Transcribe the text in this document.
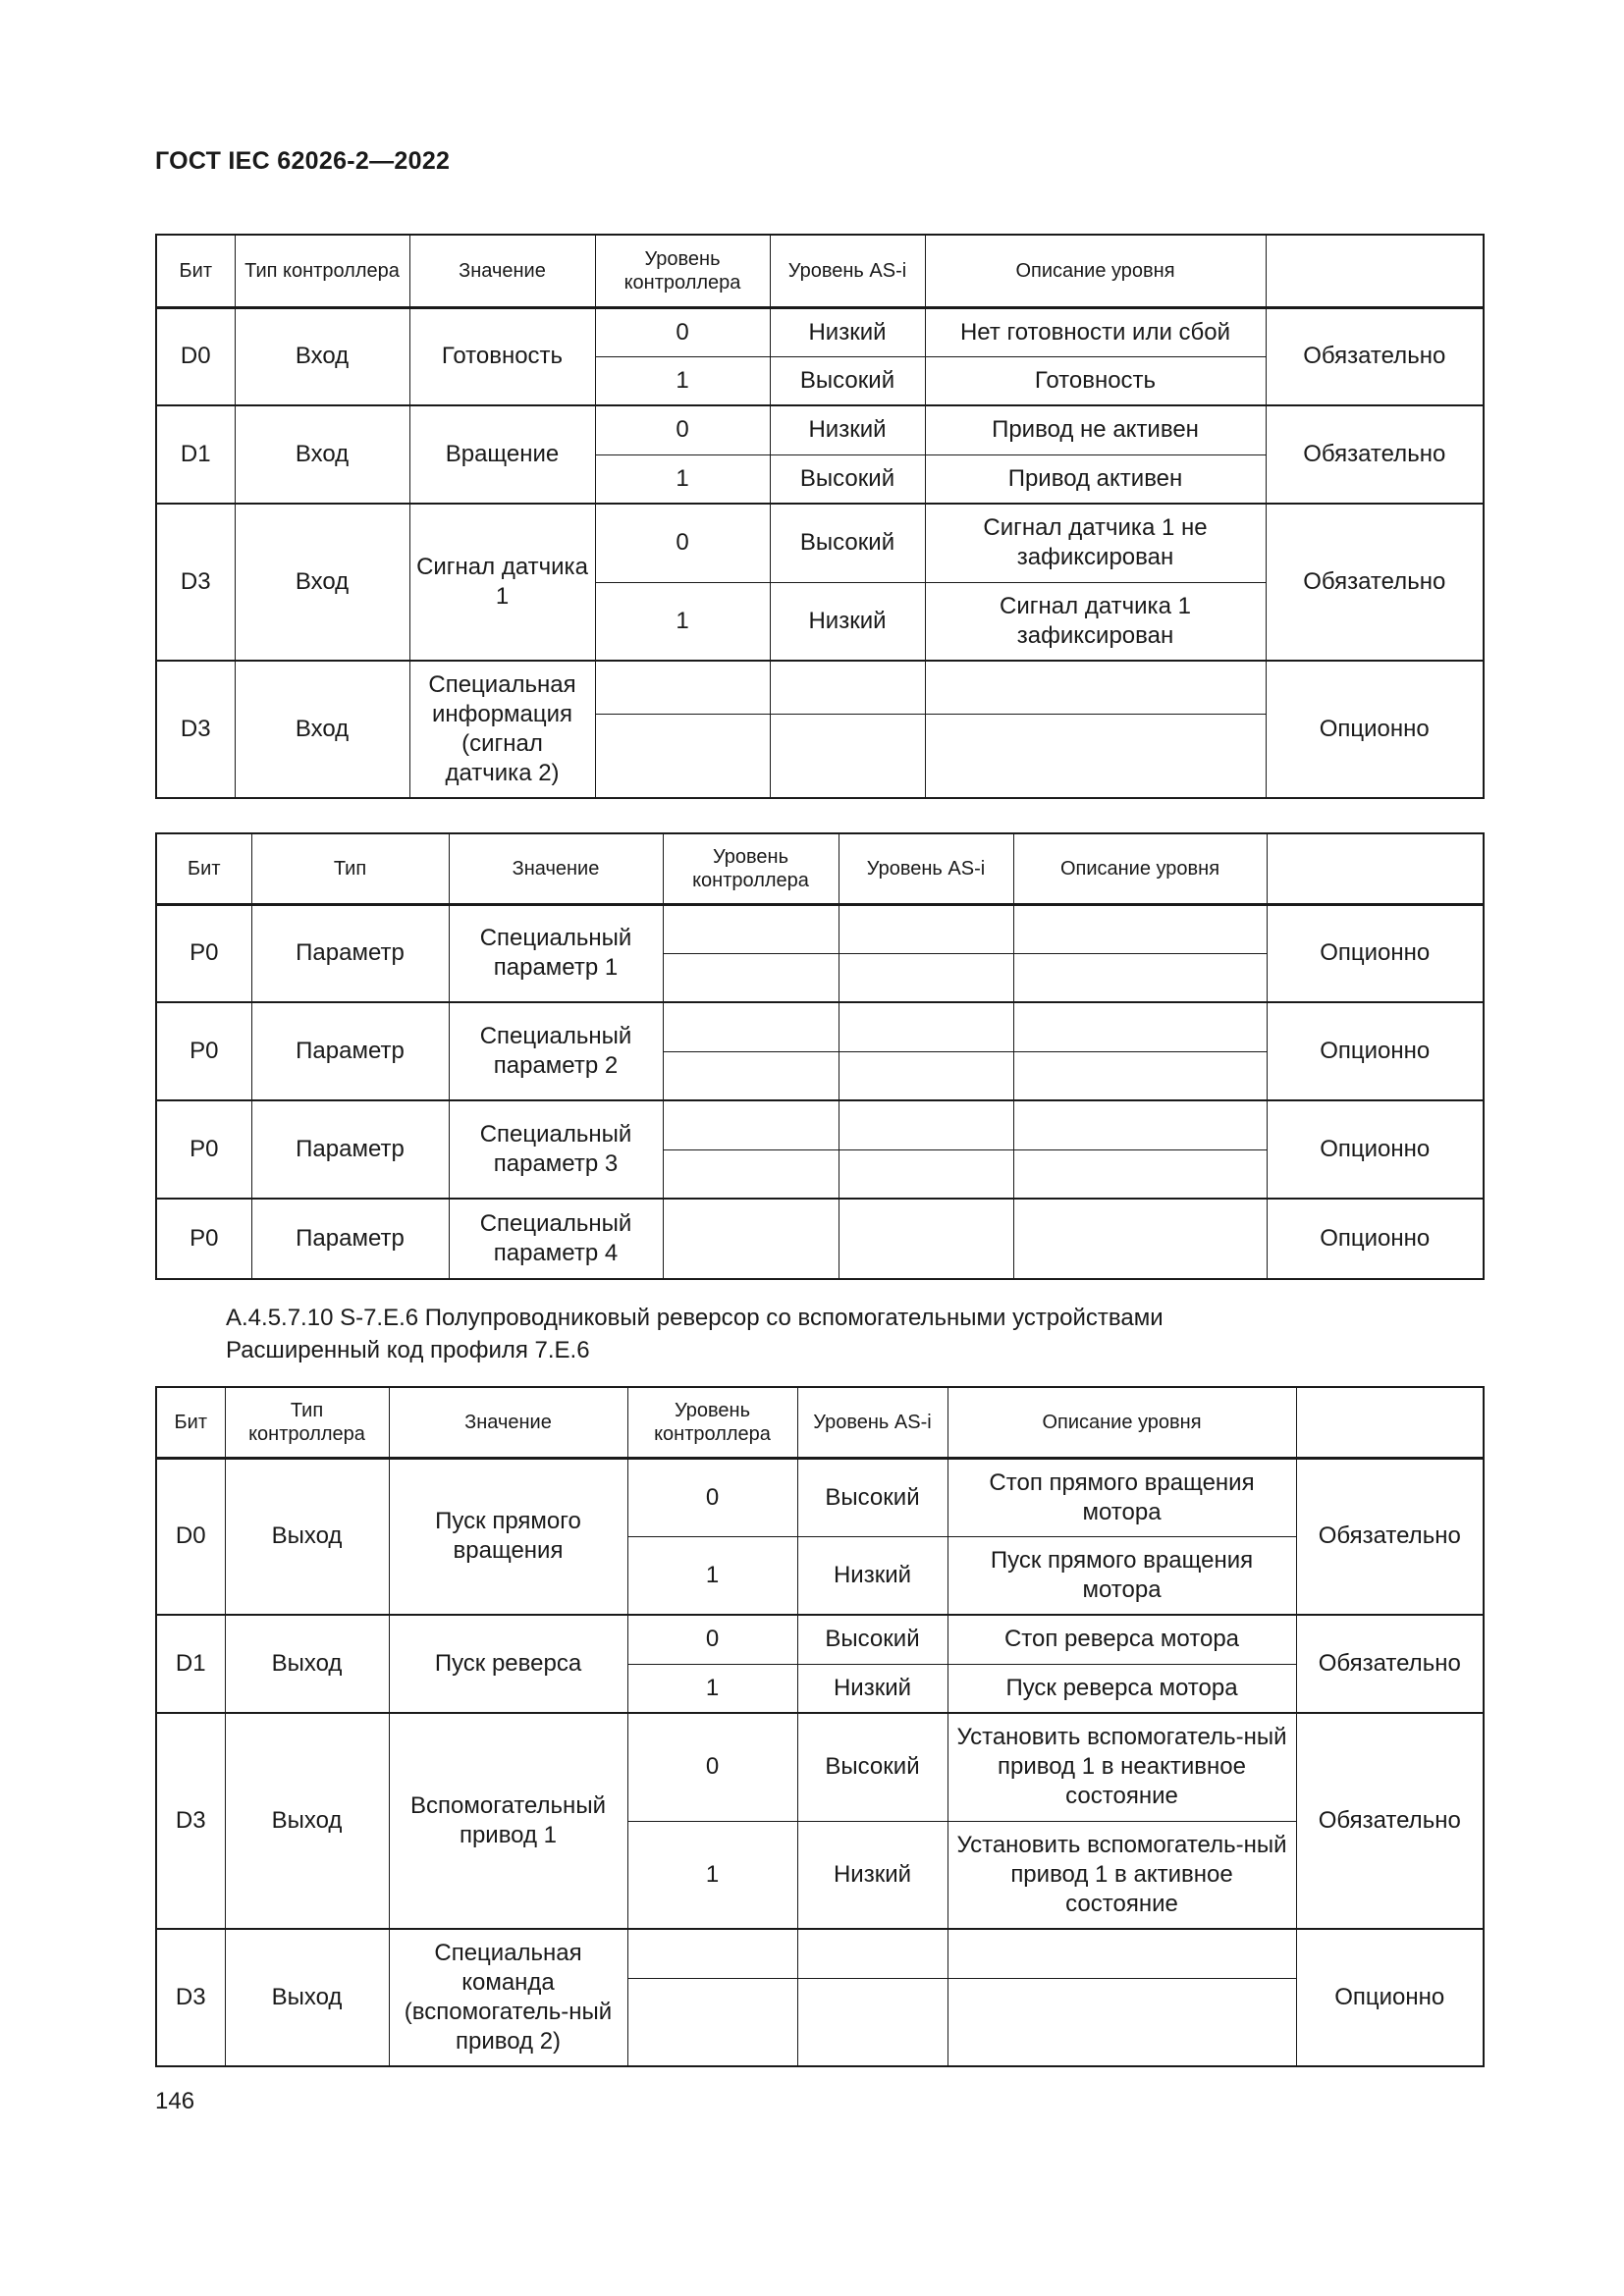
ГОСТ IEC 62026-2—2022
Бит	Тип контроллера	Значение	Уровень контроллера	Уровень AS-i	Описание уровня	
D0	Вход	Готовность	0	Низкий	Нет готовности или сбой	Обязательно
			1	Высокий	Готовность	
D1	Вход	Вращение	0	Низкий	Привод не активен	Обязательно
			1	Высокий	Привод активен	
D3	Вход	Сигнал датчика 1	0	Высокий	Сигнал датчика 1 не зафиксирован	Обязательно
			1	Низкий	Сигнал датчика 1 зафиксирован	
D3	Вход	Специальная информация (сигнал датчика 2)				Опционно

Бит	Тип	Значение	Уровень контроллера	Уровень AS-i	Описание уровня	
P0	Параметр	Специальный параметр 1				Опционно

P0	Параметр	Специальный параметр 2				Опционно

P0	Параметр	Специальный параметр 3				Опционно

P0	Параметр	Специальный параметр 4				Опционно
А.4.5.7.10 S-7.E.6 Полупроводниковый реверсор со вспомогательными устройствами
Расширенный код профиля 7.E.6
Бит	Тип контроллера	Значение	Уровень контроллера	Уровень AS-i	Описание уровня	
D0	Выход	Пуск прямого вращения	0	Высокий	Стоп прямого вращения мотора	Обязательно
			1	Низкий	Пуск прямого вращения мотора	
D1	Выход	Пуск реверса	0	Высокий	Стоп реверса мотора	Обязательно
			1	Низкий	Пуск реверса мотора	
D3	Выход	Вспомогательный привод 1	0	Высокий	Установить вспомогатель-ный привод 1 в неактивное состояние	Обязательно
			1	Низкий	Установить вспомогатель-ный привод 1 в активное состояние	
D3	Выход	Специальная команда (вспомогатель-ный привод 2)				Опционно

146
